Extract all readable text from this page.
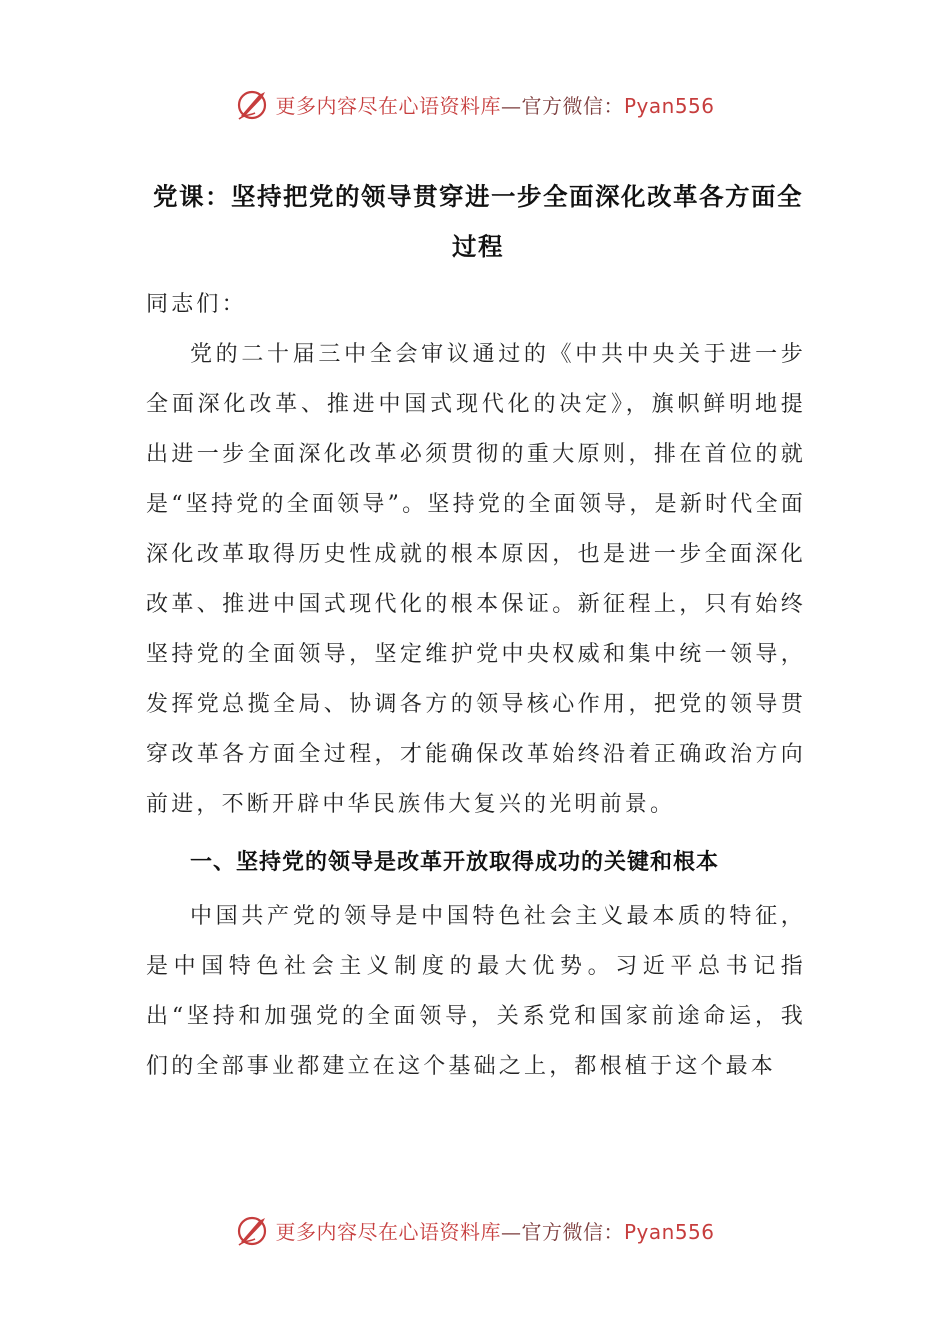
更多内容尽在心语资料库—官方微信：Pyan556
党课：坚持把党的领导贯穿进一步全面深化改革各方面全过程

同志们：

党的二十届三中全会审议通过的《中共中央关于进一步全面深化改革、推进中国式现代化的决定》，旗帜鲜明地提出进一步全面深化改革必须贯彻的重大原则，排在首位的就是“坚持党的全面领导”。坚持党的全面领导，是新时代全面深化改革取得历史性成就的根本原因，也是进一步全面深化改革、推进中国式现代化的根本保证。新征程上，只有始终坚持党的全面领导，坚定维护党中央权威和集中统一领导，发挥党总揽全局、协调各方的领导核心作用，把党的领导贯穿改革各方面全过程，才能确保改革始终沿着正确政治方向前进，不断开辟中华民族伟大复兴的光明前景。

一、坚持党的领导是改革开放取得成功的关键和根本

中国共产党的领导是中国特色社会主义最本质的特征，是中国特色社会主义制度的最大优势。习近平总书记指出“坚持和加强党的全面领导，关系党和国家前途命运，我们的全部事业都建立在这个基础之上，都根植于这个最本

更多内容尽在心语资料库—官方微信：Pyan556
